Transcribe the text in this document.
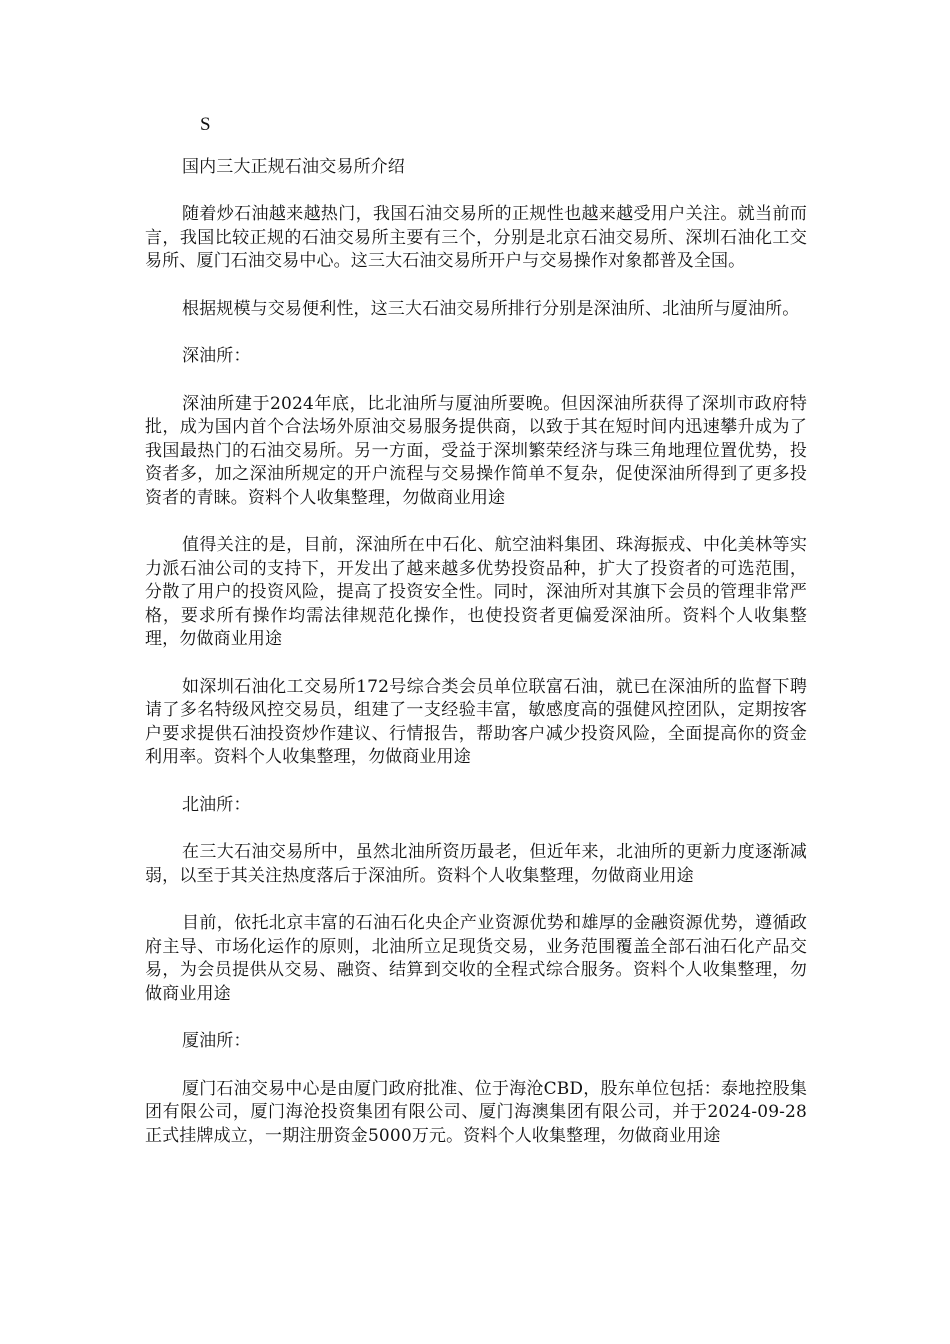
S

国内三大正规石油交易所介绍

随着炒石油越来越热门，我国石油交易所的正规性也越来越受用户关注。就当前而言，我国比较正规的石油交易所主要有三个，分别是北京石油交易所、深圳石油化工交易所、厦门石油交易中心。这三大石油交易所开户与交易操作对象都普及全国。

根据规模与交易便利性，这三大石油交易所排行分别是深油所、北油所与厦油所。

深油所：

深油所建于2024年底，比北油所与厦油所要晚。但因深油所获得了深圳市政府特批，成为国内首个合法场外原油交易服务提供商，以致于其在短时间内迅速攀升成为了我国最热门的石油交易所。另一方面，受益于深圳繁荣经济与珠三角地理位置优势，投资者多，加之深油所规定的开户流程与交易操作简单不复杂，促使深油所得到了更多投资者的青睐。资料个人收集整理，勿做商业用途

值得关注的是，目前，深油所在中石化、航空油料集团、珠海振戎、中化美林等实力派石油公司的支持下，开发出了越来越多优势投资品种，扩大了投资者的可选范围，分散了用户的投资风险，提高了投资安全性。同时，深油所对其旗下会员的管理非常严格，要求所有操作均需法律规范化操作，也使投资者更偏爱深油所。资料个人收集整理，勿做商业用途

如深圳石油化工交易所172号综合类会员单位联富石油，就已在深油所的监督下聘请了多名特级风控交易员，组建了一支经验丰富，敏感度高的强健风控团队，定期按客户要求提供石油投资炒作建议、行情报告，帮助客户减少投资风险，全面提高你的资金利用率。资料个人收集整理，勿做商业用途

北油所：

在三大石油交易所中，虽然北油所资历最老，但近年来，北油所的更新力度逐渐减弱，以至于其关注热度落后于深油所。资料个人收集整理，勿做商业用途

目前，依托北京丰富的石油石化央企产业资源优势和雄厚的金融资源优势，遵循政府主导、市场化运作的原则，北油所立足现货交易，业务范围覆盖全部石油石化产品交易，为会员提供从交易、融资、结算到交收的全程式综合服务。资料个人收集整理，勿做商业用途

厦油所：

厦门石油交易中心是由厦门政府批准、位于海沧CBD，股东单位包括：泰地控股集团有限公司，厦门海沧投资集团有限公司、厦门海澳集团有限公司，并于2024-09-28正式挂牌成立，一期注册资金5000万元。资料个人收集整理，勿做商业用途
